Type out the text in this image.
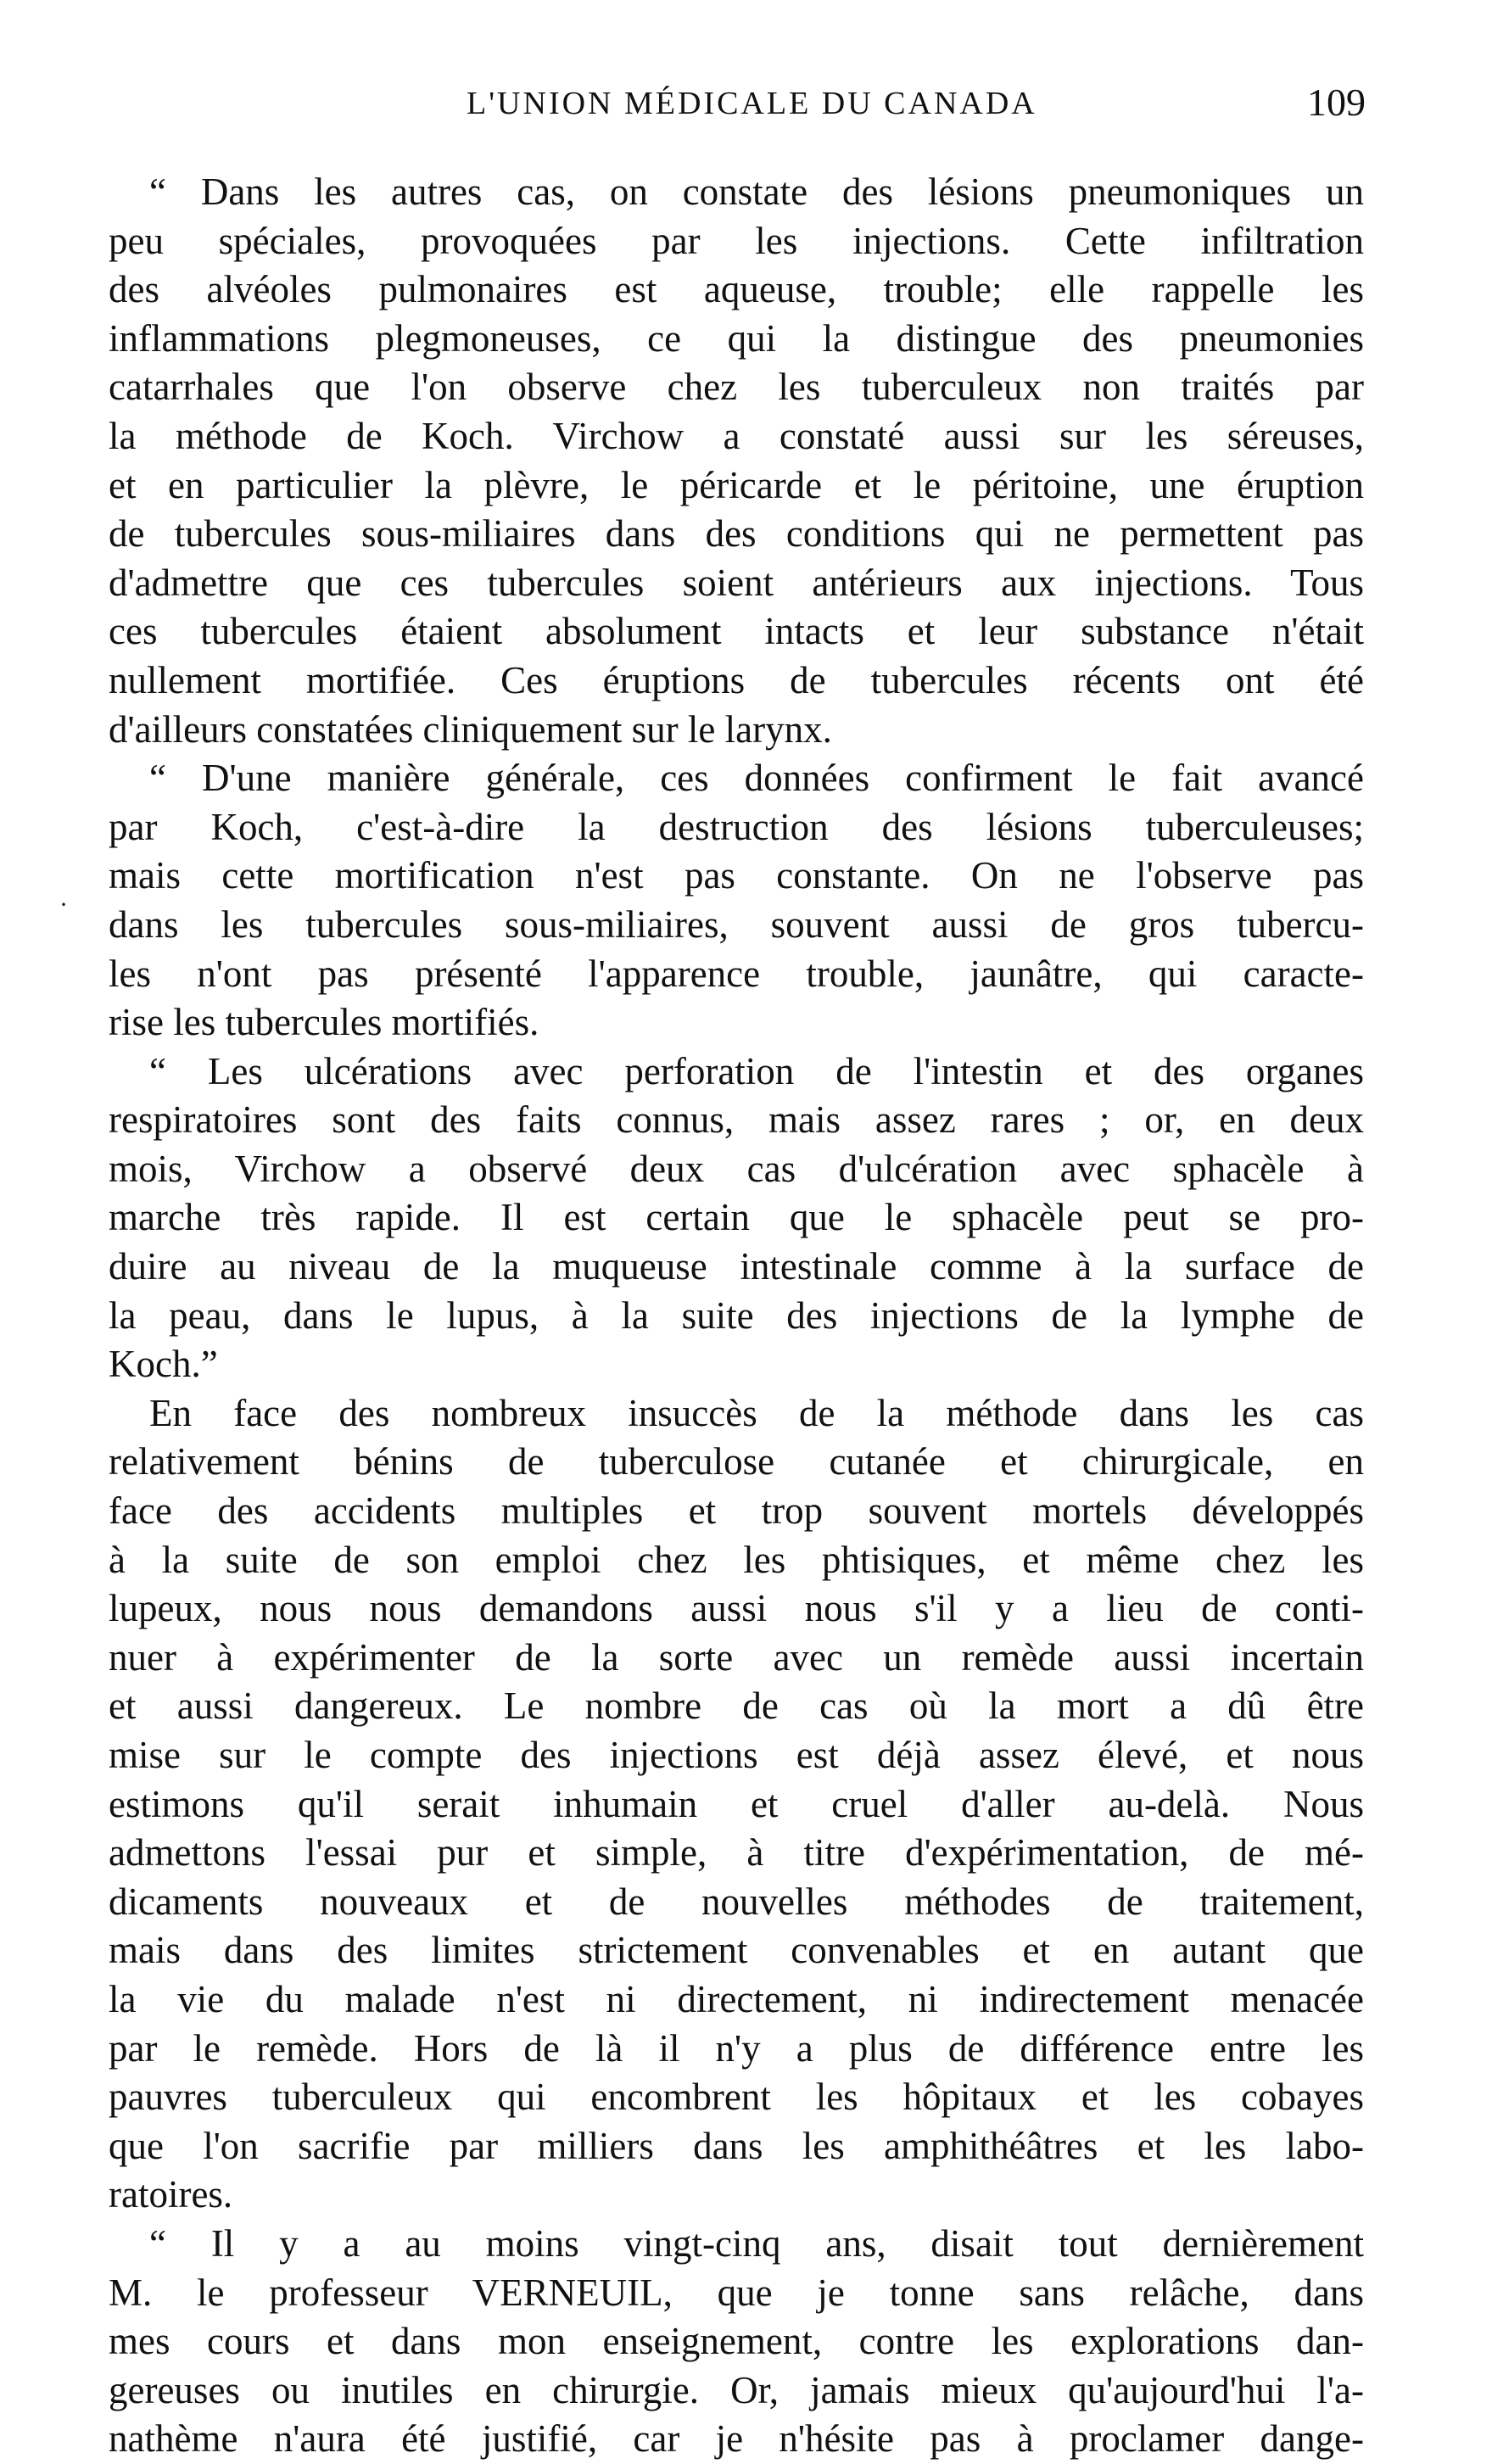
L'UNION MÉDICALE DU CANADA	109
·
“ Dans les autres cas, on constate des lésions pneumoniques un
peu spéciales, provoquées par les injections. Cette infiltration
des alvéoles pulmonaires est aqueuse, trouble; elle rappelle les
inflammations plegmoneuses, ce qui la distingue des pneumonies
catarrhales que l'on observe chez les tuberculeux non traités par
la méthode de Koch. Virchow a constaté aussi sur les séreuses,
et en particulier la plèvre, le péricarde et le péritoine, une éruption
de tubercules sous-miliaires dans des conditions qui ne permettent pas
d'admettre que ces tubercules soient antérieurs aux injections. Tous
ces tubercules étaient absolument intacts et leur substance n'était
nullement mortifiée. Ces éruptions de tubercules récents ont été
d'ailleurs constatées cliniquement sur le larynx.
“ D'une manière générale, ces données confirment le fait avancé
par Koch, c'est-à-dire la destruction des lésions tuberculeuses;
mais cette mortification n'est pas constante. On ne l'observe pas
dans les tubercules sous-miliaires, souvent aussi de gros tubercu-
les n'ont pas présenté l'apparence trouble, jaunâtre, qui caracte-
rise les tubercules mortifiés.
“ Les ulcérations avec perforation de l'intestin et des organes
respiratoires sont des faits connus, mais assez rares ; or, en deux
mois, Virchow a observé deux cas d'ulcération avec sphacèle à
marche très rapide. Il est certain que le sphacèle peut se pro-
duire au niveau de la muqueuse intestinale comme à la surface de
la peau, dans le lupus, à la suite des injections de la lymphe de
Koch.”
En face des nombreux insuccès de la méthode dans les cas
relativement bénins de tuberculose cutanée et chirurgicale, en
face des accidents multiples et trop souvent mortels développés
à la suite de son emploi chez les phtisiques, et même chez les
lupeux, nous nous demandons aussi nous s'il y a lieu de conti-
nuer à expérimenter de la sorte avec un remède aussi incertain
et aussi dangereux. Le nombre de cas où la mort a dû être
mise sur le compte des injections est déjà assez élevé, et nous
estimons qu'il serait inhumain et cruel d'aller au-delà. Nous
admettons l'essai pur et simple, à titre d'expérimentation, de mé-
dicaments nouveaux et de nouvelles méthodes de traitement,
mais dans des limites strictement convenables et en autant que
la vie du malade n'est ni directement, ni indirectement menacée
par le remède. Hors de là il n'y a plus de différence entre les
pauvres tuberculeux qui encombrent les hôpitaux et les cobayes
que l'on sacrifie par milliers dans les amphithéâtres et les labo-
ratoires.
“ Il y a au moins vingt-cinq ans, disait tout dernièrement
M. le professeur VERNEUIL, que je tonne sans relâche, dans
mes cours et dans mon enseignement, contre les explorations dan-
gereuses ou inutiles en chirurgie. Or, jamais mieux qu'aujourd'hui l'a-
nathème n'aura été justifié, car je n'hésite pas à proclamer dange-
